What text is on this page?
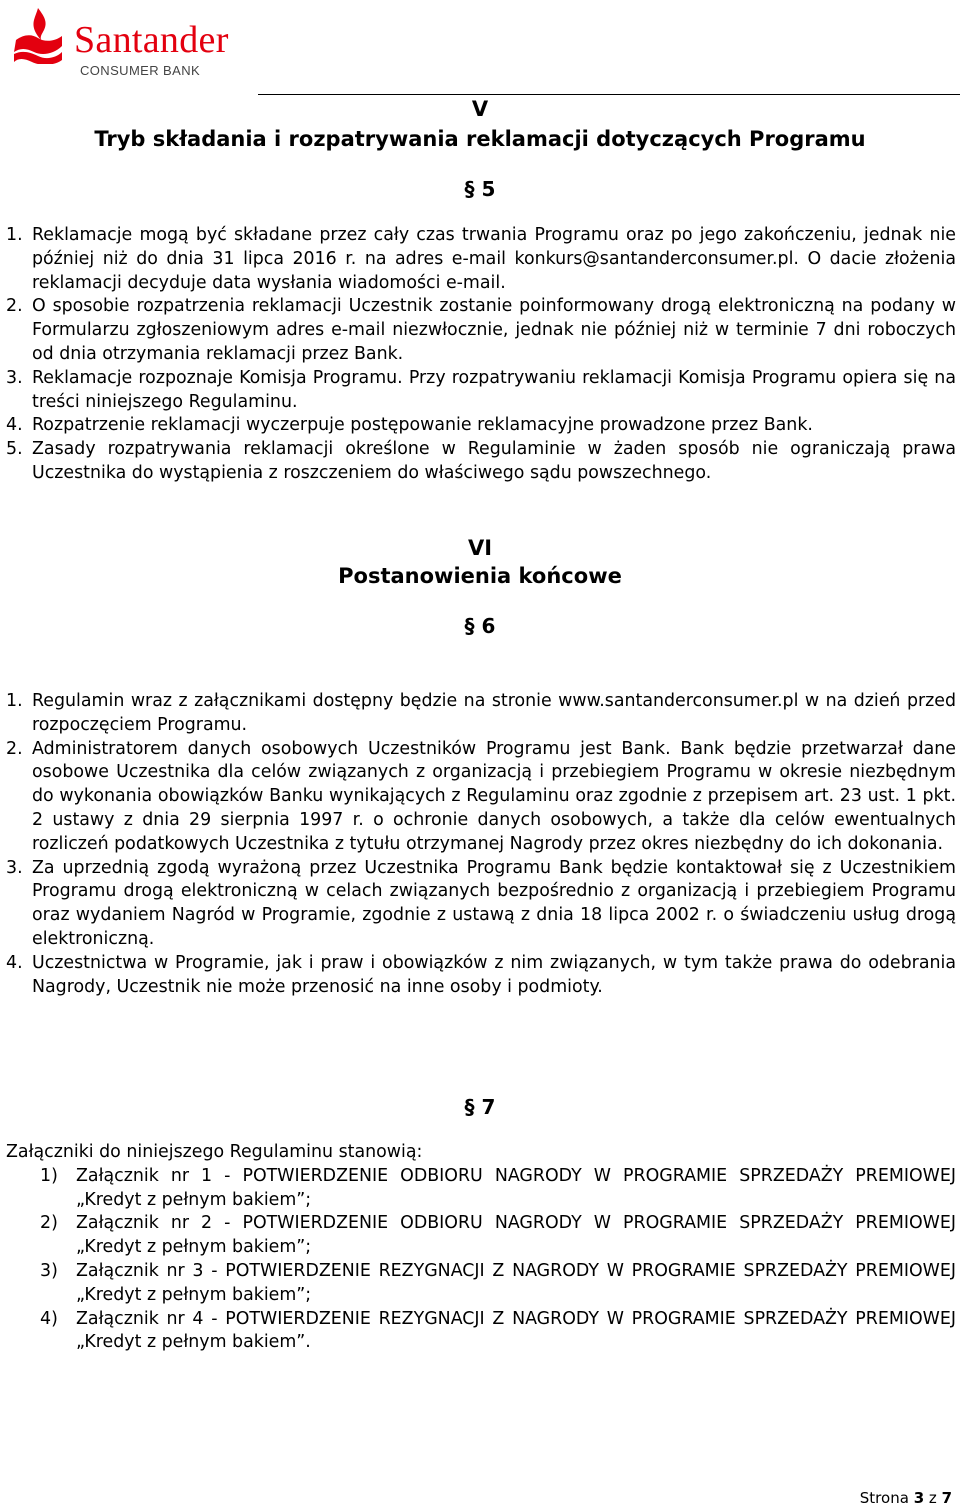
Santander
CONSUMER BANK
V
Tryb składania i rozpatrywania reklamacji dotyczących Programu
§ 5
1. Reklamacje mogą być składane przez cały czas trwania Programu oraz po jego zakończeniu, jednak nie później niż do dnia 31 lipca 2016 r. na adres e-mail konkurs@santanderconsumer.pl. O dacie złożenia reklamacji decyduje data wysłania wiadomości e-mail.
2. O sposobie rozpatrzenia reklamacji Uczestnik zostanie poinformowany drogą elektroniczną na podany w Formularzu zgłoszeniowym adres e-mail niezwłocznie, jednak nie później niż w terminie 7 dni roboczych od dnia otrzymania reklamacji przez Bank.
3. Reklamacje rozpoznaje Komisja Programu. Przy rozpatrywaniu reklamacji Komisja Programu opiera się na treści niniejszego Regulaminu.
4. Rozpatrzenie reklamacji wyczerpuje postępowanie reklamacyjne prowadzone przez Bank.
5. Zasady rozpatrywania reklamacji określone w Regulaminie w żaden sposób nie ograniczają prawa Uczestnika do wystąpienia z roszczeniem do właściwego sądu powszechnego.
VI
Postanowienia końcowe
§ 6
1. Regulamin wraz z załącznikami dostępny będzie na stronie www.santanderconsumer.pl w na dzień przed rozpoczęciem Programu.
2. Administratorem danych osobowych Uczestników Programu jest Bank. Bank będzie przetwarzał dane osobowe Uczestnika dla celów związanych z organizacją i przebiegiem Programu w okresie niezbędnym do wykonania obowiązków Banku wynikających z Regulaminu oraz zgodnie z przepisem art. 23 ust. 1 pkt. 2 ustawy z dnia 29 sierpnia 1997 r. o ochronie danych osobowych, a także dla celów ewentualnych rozliczeń podatkowych Uczestnika z tytułu otrzymanej Nagrody przez okres niezbędny do ich dokonania.
3. Za uprzednią zgodą wyrażoną przez Uczestnika Programu Bank będzie kontaktował się z Uczestnikiem Programu drogą elektroniczną w celach związanych bezpośrednio z organizacją i przebiegiem Programu oraz wydaniem Nagród w Programie, zgodnie z ustawą z dnia 18 lipca 2002 r. o świadczeniu usług drogą elektroniczną.
4. Uczestnictwa w Programie, jak i praw i obowiązków z nim związanych, w tym także prawa do odebrania Nagrody, Uczestnik nie może przenosić na inne osoby i podmioty.
§ 7

Załączniki do niniejszego Regulaminu stanowią:

1)	Załącznik nr 1 - POTWIERDZENIE ODBIORU NAGRODY W PROGRAMIE SPRZEDAŻY PREMIOWEJ „Kredyt z pełnym bakiem”;
2)	Załącznik nr 2 - POTWIERDZENIE ODBIORU NAGRODY W PROGRAMIE SPRZEDAŻY PREMIOWEJ „Kredyt z pełnym bakiem”;
3)	Załącznik nr 3 - POTWIERDZENIE REZYGNACJI Z NAGRODY W PROGRAMIE SPRZEDAŻY PREMIOWEJ „Kredyt z pełnym bakiem”;
4)	Załącznik nr 4 - POTWIERDZENIE REZYGNACJI Z NAGRODY W PROGRAMIE SPRZEDAŻY PREMIOWEJ „Kredyt z pełnym bakiem”.
Strona 3 z 7
